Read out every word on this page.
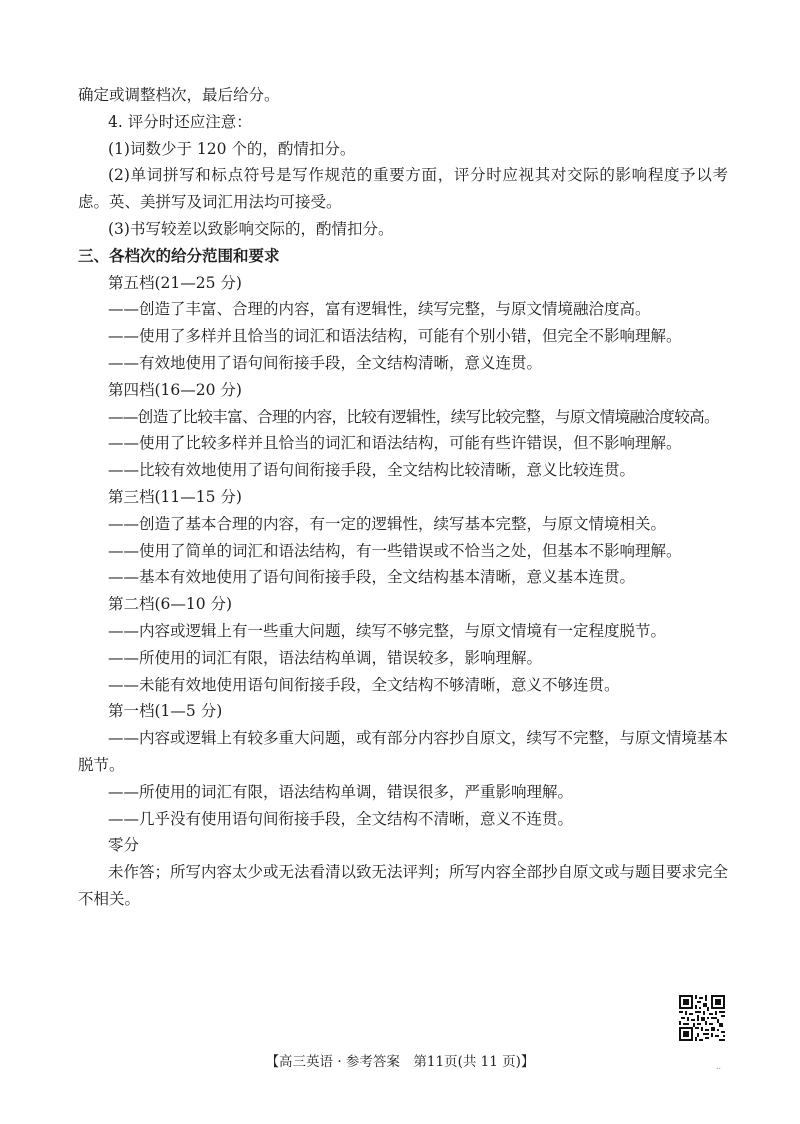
确定或调整档次，最后给分。
4. 评分时还应注意：
(1)词数少于 120 个的，酌情扣分。
(2)单词拼写和标点符号是写作规范的重要方面，评分时应视其对交际的影响程度予以考虑。英、美拼写及词汇用法均可接受。
(3)书写较差以致影响交际的，酌情扣分。
三、各档次的给分范围和要求
第五档(21—25 分)
——创造了丰富、合理的内容，富有逻辑性，续写完整，与原文情境融洽度高。
——使用了多样并且恰当的词汇和语法结构，可能有个别小错，但完全不影响理解。
——有效地使用了语句间衔接手段，全文结构清晰，意义连贯。
第四档(16—20 分)
——创造了比较丰富、合理的内容，比较有逻辑性，续写比较完整，与原文情境融洽度较高。
——使用了比较多样并且恰当的词汇和语法结构，可能有些许错误，但不影响理解。
——比较有效地使用了语句间衔接手段，全文结构比较清晰，意义比较连贯。
第三档(11—15 分)
——创造了基本合理的内容，有一定的逻辑性，续写基本完整，与原文情境相关。
——使用了简单的词汇和语法结构，有一些错误或不恰当之处，但基本不影响理解。
——基本有效地使用了语句间衔接手段，全文结构基本清晰，意义基本连贯。
第二档(6—10 分)
——内容或逻辑上有一些重大问题，续写不够完整，与原文情境有一定程度脱节。
——所使用的词汇有限，语法结构单调，错误较多，影响理解。
——未能有效地使用语句间衔接手段，全文结构不够清晰，意义不够连贯。
第一档(1—5 分)
——内容或逻辑上有较多重大问题，或有部分内容抄自原文，续写不完整，与原文情境基本脱节。
——所使用的词汇有限，语法结构单调，错误很多，严重影响理解。
——几乎没有使用语句间衔接手段，全文结构不清晰，意义不连贯。
零分
未作答；所写内容太少或无法看清以致无法评判；所写内容全部抄自原文或与题目要求完全不相关。
【高三英语 · 参考答案　第11页(共 11 页)】	..
